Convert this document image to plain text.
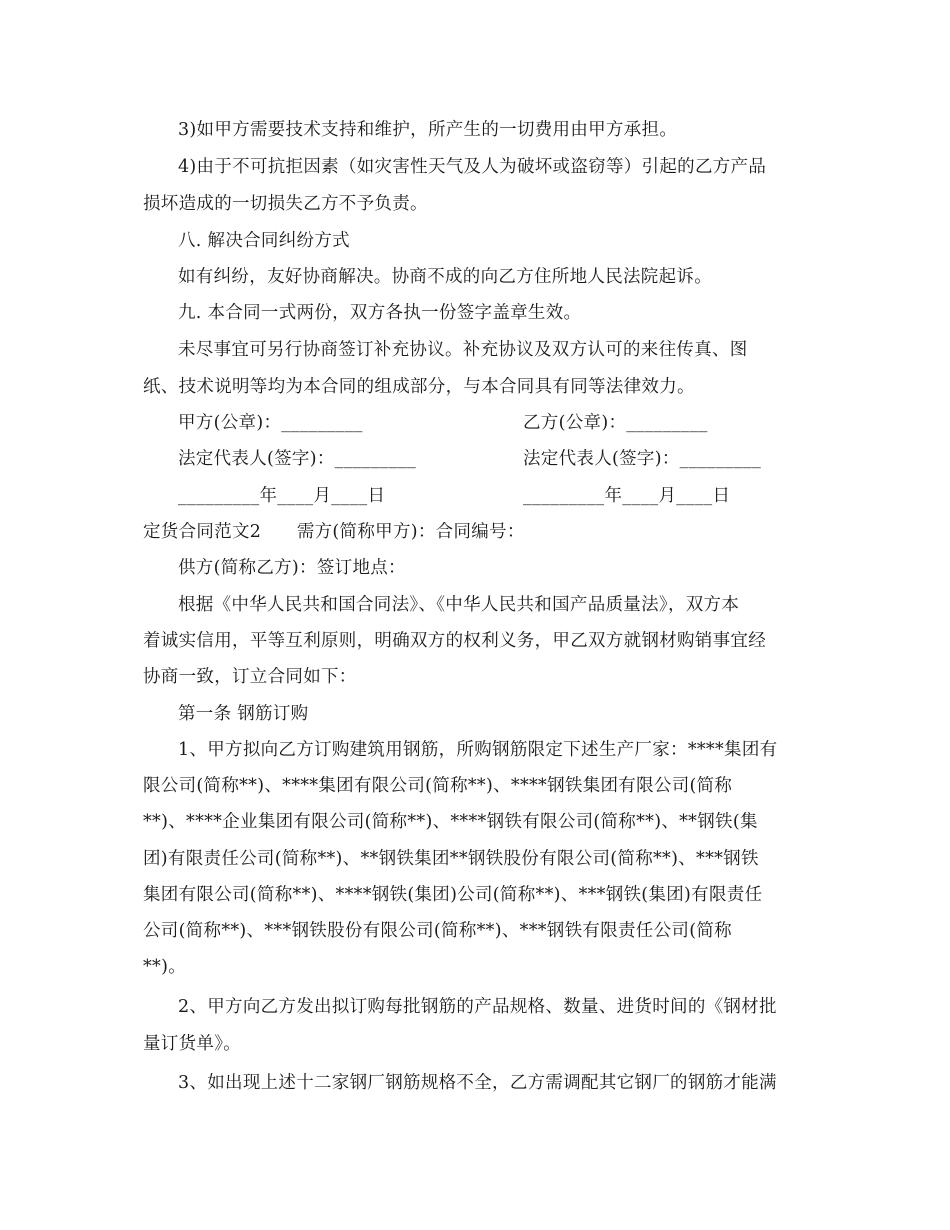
3)如甲方需要技术支持和维护，所产生的一切费用由甲方承担。
4)由于不可抗拒因素（如灾害性天气及人为破坏或盗窃等）引起的乙方产品
损坏造成的一切损失乙方不予负责。
八. 解决合同纠纷方式
如有纠纷，友好协商解决。协商不成的向乙方住所地人民法院起诉。
九. 本合同一式两份，双方各执一份签字盖章生效。
未尽事宜可另行协商签订补充协议。补充协议及双方认可的来往传真、图
纸、技术说明等均为本合同的组成部分，与本合同具有同等法律效力。
甲方(公章)：_________	乙方(公章)：_________
法定代表人(签字)：_________	法定代表人(签字)：_________
_________年____月____日	_________年____月____日
定货合同范文2　　需方(简称甲方)：合同编号：
供方(简称乙方)：签订地点：
根据《中华人民共和国合同法》、《中华人民共和国产品质量法》，双方本
着诚实信用，平等互利原则，明确双方的权利义务，甲乙双方就钢材购销事宜经
协商一致，订立合同如下：
第一条 钢筋订购
1、甲方拟向乙方订购建筑用钢筋，所购钢筋限定下述生产厂家：****集团有
限公司(简称**)、****集团有限公司(简称**)、****钢铁集团有限公司(简称
**)、****企业集团有限公司(简称**)、****钢铁有限公司(简称**)、**钢铁(集
团)有限责任公司(简称**)、**钢铁集团**钢铁股份有限公司(简称**)、***钢铁
集团有限公司(简称**)、****钢铁(集团)公司(简称**)、***钢铁(集团)有限责任
公司(简称**)、***钢铁股份有限公司(简称**)、***钢铁有限责任公司(简称
**)。
2、甲方向乙方发出拟订购每批钢筋的产品规格、数量、进货时间的《钢材批
量订货单》。
3、如出现上述十二家钢厂钢筋规格不全，乙方需调配其它钢厂的钢筋才能满
